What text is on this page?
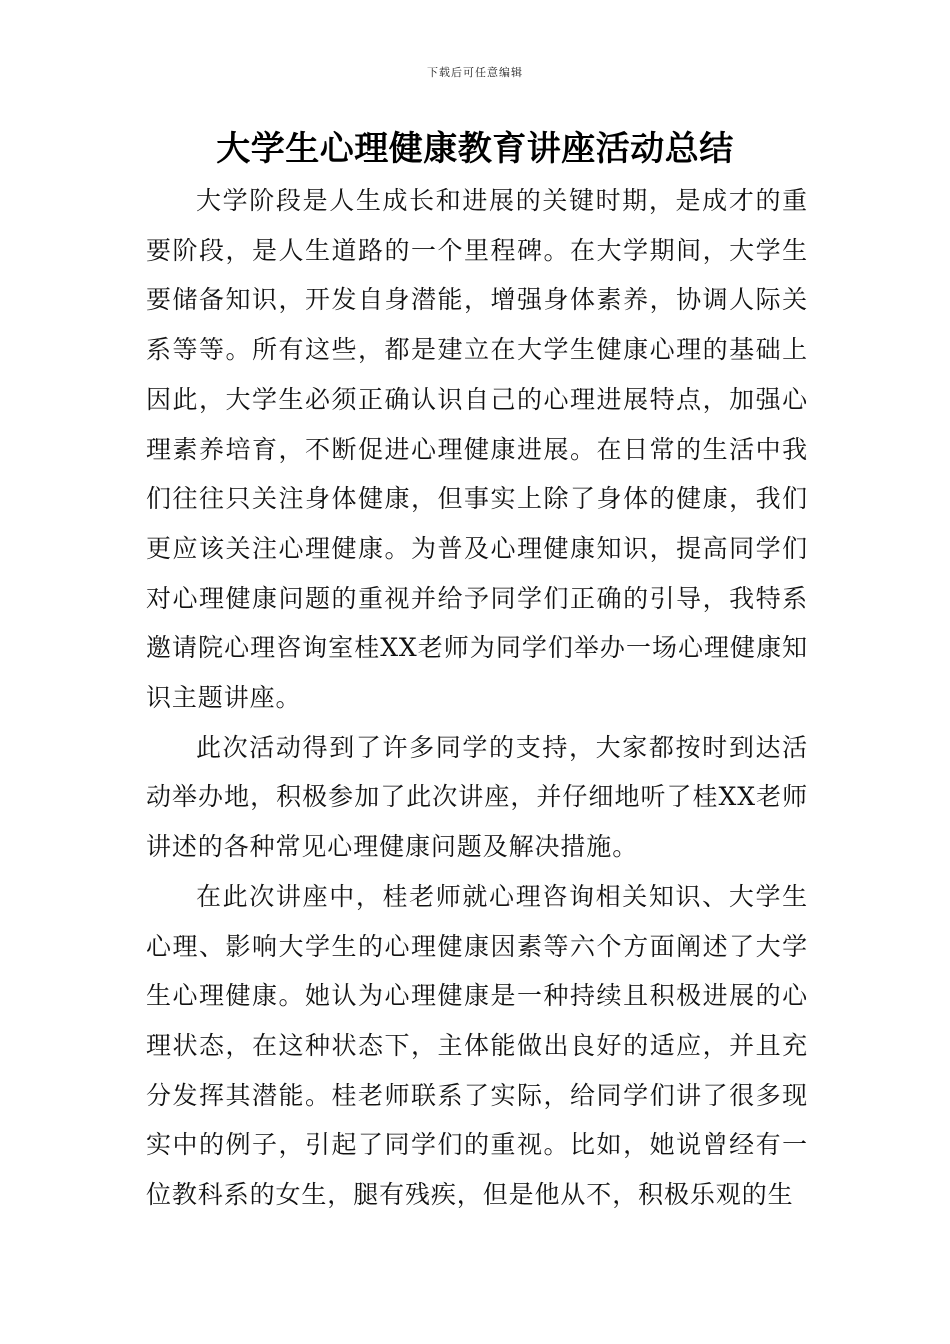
下载后可任意编辑
大学生心理健康教育讲座活动总结

大学阶段是人生成长和进展的关键时期，是成才的重要阶段，是人生道路的一个里程碑。在大学期间，大学生要储备知识，开发自身潜能，增强身体素养，协调人际关系等等。所有这些，都是建立在大学生健康心理的基础上因此，大学生必须正确认识自己的心理进展特点，加强心理素养培育，不断促进心理健康进展。在日常的生活中我们往往只关注身体健康，但事实上除了身体的健康，我们更应该关注心理健康。为普及心理健康知识，提高同学们对心理健康问题的重视并给予同学们正确的引导，我特系邀请院心理咨询室桂XX老师为同学们举办一场心理健康知识主题讲座。

此次活动得到了许多同学的支持，大家都按时到达活动举办地，积极参加了此次讲座，并仔细地听了桂XX老师讲述的各种常见心理健康问题及解决措施。

在此次讲座中，桂老师就心理咨询相关知识、大学生心理、影响大学生的心理健康因素等六个方面阐述了大学生心理健康。她认为心理健康是一种持续且积极进展的心理状态，在这种状态下，主体能做出良好的适应，并且充分发挥其潜能。桂老师联系了实际，给同学们讲了很多现实中的例子，引起了同学们的重视。比如，她说曾经有一位教科系的女生，腿有残疾，但是他从不，积极乐观的生
